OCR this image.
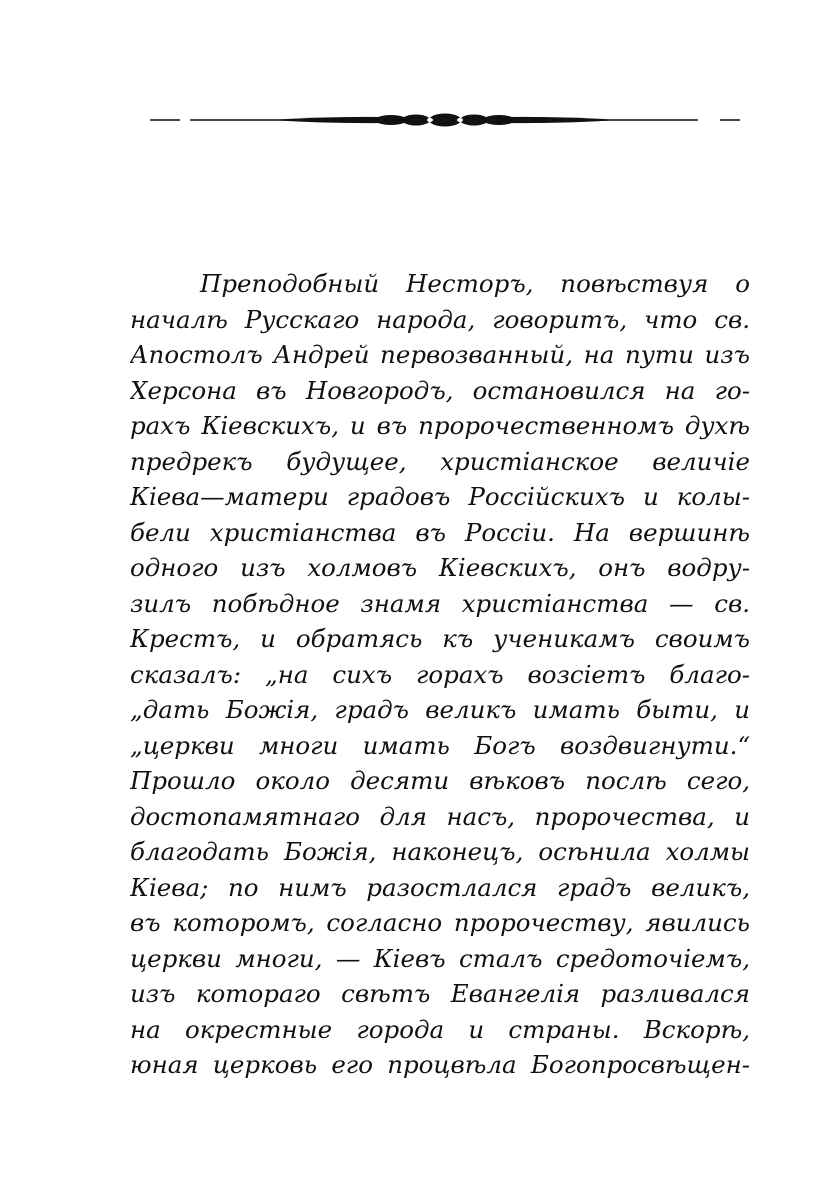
Преподобный Несторъ, повѣствуя о
началѣ Русскаго народа, говоритъ, что св.
Апостолъ Андрей первозванный, на пути изъ
Херсона въ Новгородъ, остановился на го-
рахъ Кіевскихъ, и въ пророчественномъ духѣ
предрекъ будущее, христіанское величіе
Кіева—матери градовъ Россійскихъ и колы-
бели христіанства въ Россіи. На вершинѣ
одного изъ холмовъ Кіевскихъ, онъ водру-
зилъ побѣдное знамя христіанства — св.
Крестъ, и обратясь къ ученикамъ своимъ
сказалъ: „на сихъ горахъ возсіетъ благо-
„дать Божія, градъ великъ имать быти, и
„церкви многи имать Богъ воздвигнути.“
Прошло около десяти вѣковъ послѣ сего,
достопамятнаго для насъ, пророчества, и
благодать Божія, наконецъ, осѣнила холмы
Кіева; по нимъ разостлался градъ великъ,
въ которомъ, согласно пророчеству, явились
церкви многи, — Кіевъ сталъ средоточіемъ,
изъ котораго свѣтъ Евангелія разливался
на окрестные города и страны. Вскорѣ,
юная церковь его процвѣла Богопросвѣщен-
